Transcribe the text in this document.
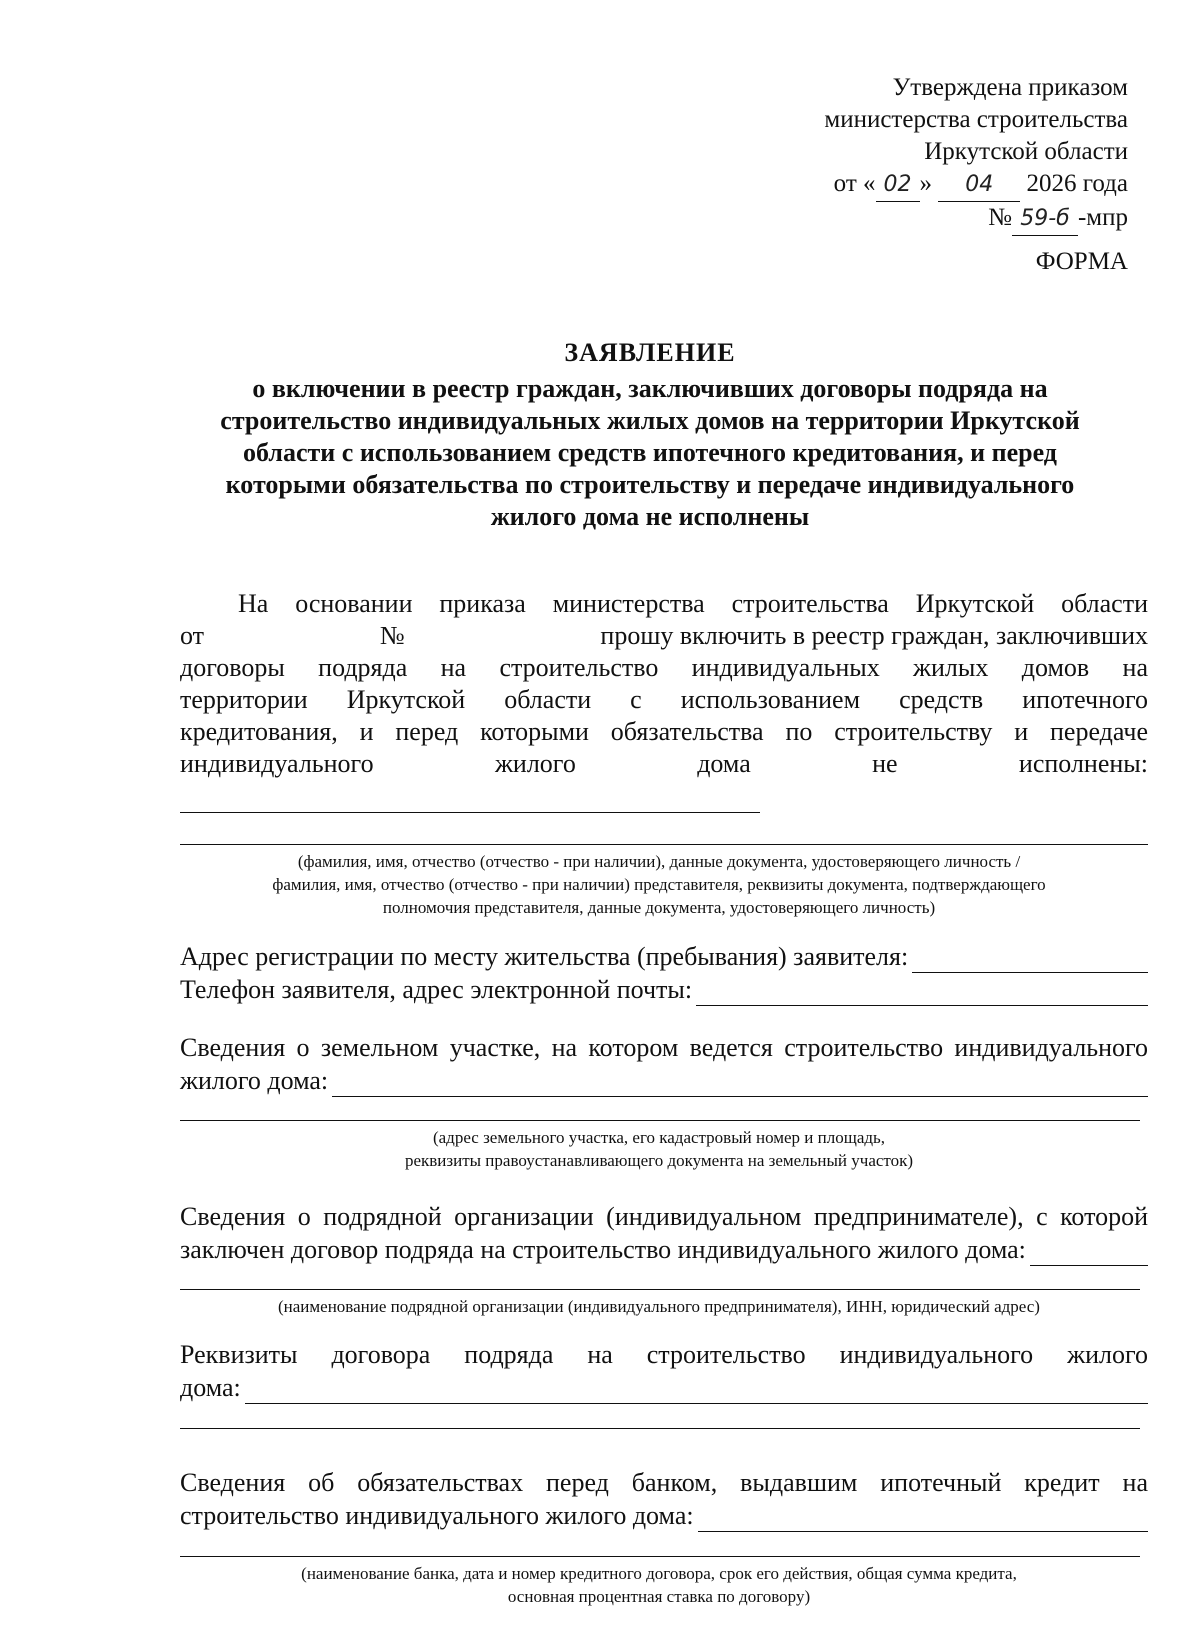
Утверждена приказом
министерства строительства
Иркутской области
от « 02 » 04 2026 года
№ 59-б -мпр
ФОРМА
ЗАЯВЛЕНИЕ
о включении в реестр граждан, заключивших договоры подряда на
строительство индивидуальных жилых домов на территории Иркутской
области с использованием средств ипотечного кредитования, и перед
которыми обязательства по строительству и передаче индивидуального
жилого дома не исполнены
На основании приказа министерства строительства Иркутской области
от	№	прошу включить в реестр граждан, заключивших
договоры подряда на строительство индивидуальных жилых домов на
территории Иркутской области с использованием средств ипотечного
кредитования, и перед которыми обязательства по строительству и передаче
индивидуального жилого дома не исполнены:
(фамилия, имя, отчество (отчество - при наличии), данные документа, удостоверяющего личность /
фамилия, имя, отчество (отчество - при наличии) представителя, реквизиты документа, подтверждающего
полномочия представителя, данные документа, удостоверяющего личность)
Адрес регистрации по месту жительства (пребывания) заявителя:
Телефон заявителя, адрес электронной почты:
Сведения о земельном участке, на котором ведется строительство индивидуального
жилого дома:
(адрес земельного участка, его кадастровый номер и площадь,
реквизиты правоустанавливающего документа на земельный участок)
Сведения о подрядной организации (индивидуальном предпринимателе), с которой
заключен договор подряда на строительство индивидуального жилого дома:
(наименование подрядной организации (индивидуального предпринимателя), ИНН, юридический адрес)
Реквизиты договора подряда на строительство индивидуального жилого
дома:
Сведения об обязательствах перед банком, выдавшим ипотечный кредит на
строительство индивидуального жилого дома:
(наименование банка, дата и номер кредитного договора, срок его действия, общая сумма кредита,
основная процентная ставка по договору)
